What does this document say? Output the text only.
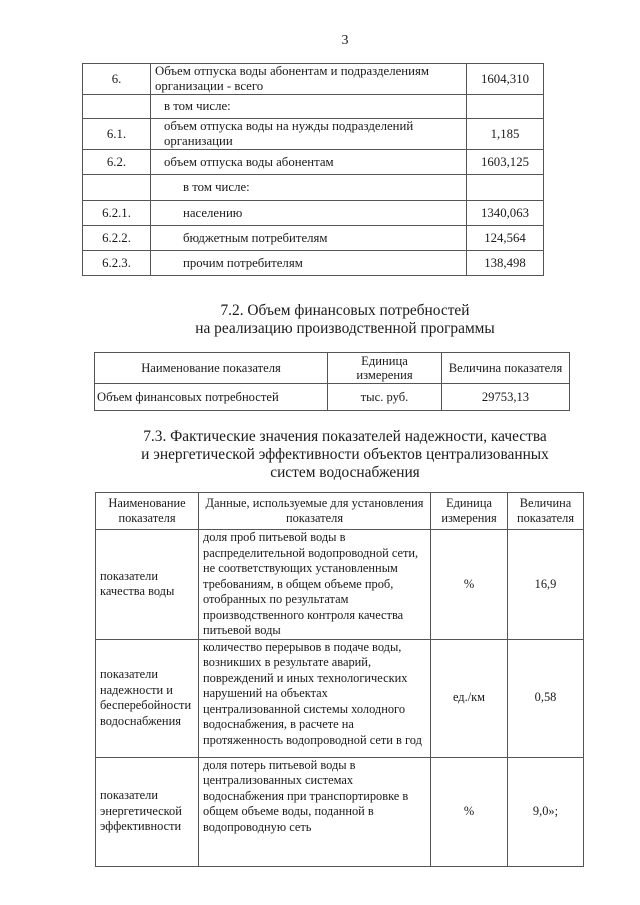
3
6.	Объем отпуска воды абонентам и подразделениям организации - всего	1604,310
	в том числе:	
6.1.	объем отпуска воды на нужды подразделений организации	1,185
6.2.	объем отпуска воды абонентам	1603,125
	в том числе:	
6.2.1.	населению	1340,063
6.2.2.	бюджетным потребителям	124,564
6.2.3.	прочим потребителям	138,498
7.2. Объем финансовых потребностей
на реализацию производственной программы
Наименование показателя	Единица измерения	Величина показателя
Объем финансовых потребностей	тыс. руб.	29753,13
7.3. Фактические значения показателей надежности, качества
и энергетической эффективности объектов централизованных
систем водоснабжения
Наименование показателя	Данные, используемые для установления показателя	Единица измерения	Величина показателя
показатели качества воды	доля проб питьевой воды в распределительной водопроводной сети, не соответствующих установленным требованиям, в общем объеме проб, отобранных по результатам производственного контроля качества питьевой воды	%	16,9
показатели надежности и бесперебойности водоснабжения	количество перерывов в подаче воды, возникших в результате аварий, повреждений и иных технологических нарушений на объектах централизованной системы холодного водоснабжения, в расчете на протяженность водопроводной сети в год	ед./км	0,58
показатели энергетической эффективности	доля потерь питьевой воды в централизованных системах водоснабжения при транспортировке в общем объеме воды, поданной в водопроводную сеть	%	9,0»;
